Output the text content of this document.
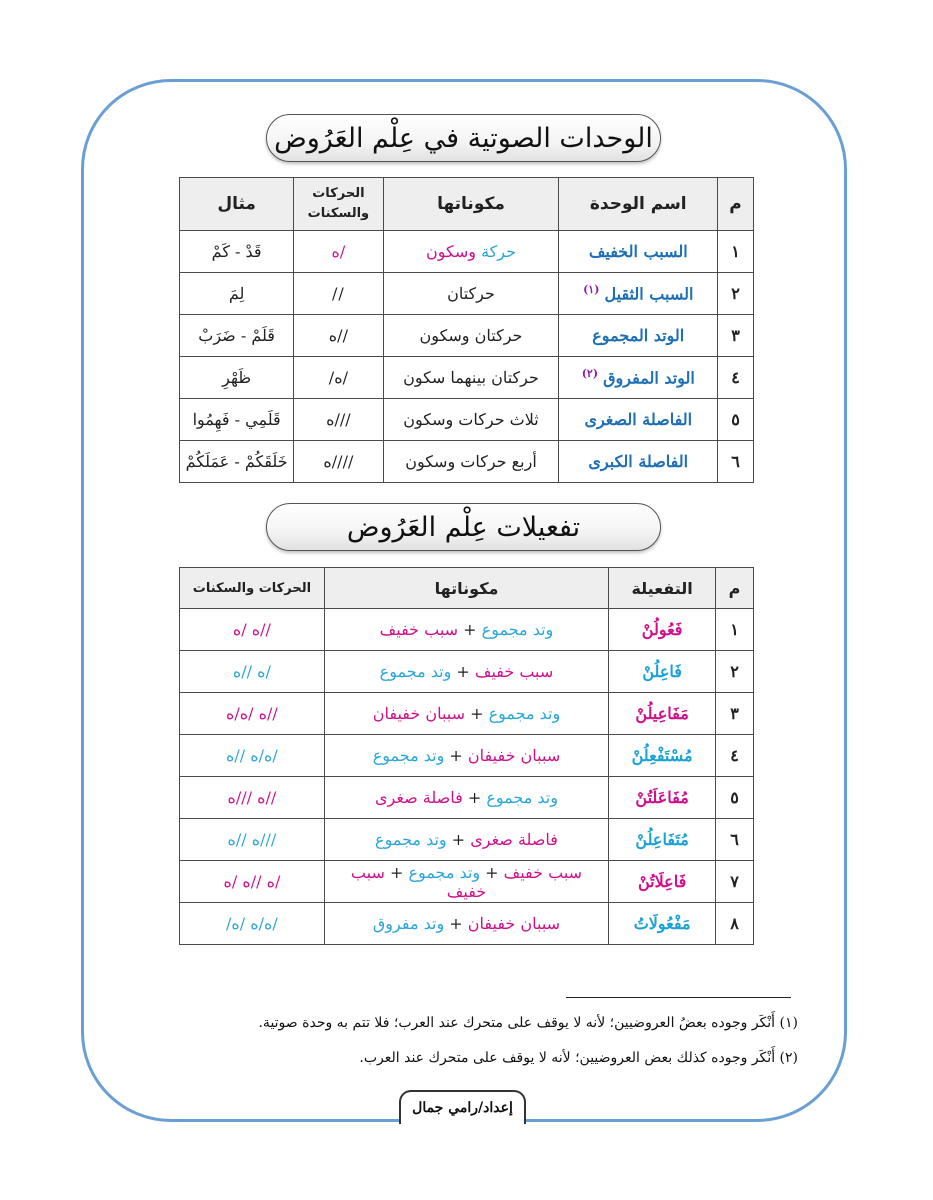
الوحدات الصوتية في عِلْم العَرُوض
م	اسم الوحدة	مكوناتها	الحركات والسكنات	مثال
١	السبب الخفيف	حركة وسكون	/ه	قَدْ - كَمْ
٢	السبب الثقيل $^{(١)}$	حركتان	//	لِمَ
٣	الوتد المجموع	حركتان وسكون	//ه	قَلَمْ - ضَرَبْ
٤	الوتد المفروق $^{(٢)}$	حركتان بينهما سكون	/ه/	ظَهْرِ
٥	الفاصلة الصغرى	ثلاث حركات وسكون	///ه	قَلَمِي - فَهِمُوا
٦	الفاصلة الكبرى	أربع حركات وسكون	////ه	خَلَقَكُمْ - عَمَلَكُمْ
تفعيلات عِلْم العَرُوض
م	التفعيلة	مكوناتها	الحركات والسكنات
١	فَعُولُنْ	وتد مجموع + سبب خفيف	//ه /ه
٢	فَاعِلُنْ	سبب خفيف + وتد مجموع	/ه //ه
٣	مَفَاعِيلُنْ	وتد مجموع + سببان خفيفان	//ه /ه/ه
٤	مُسْتَفْعِلُنْ	سببان خفيفان + وتد مجموع	/ه/ه //ه
٥	مُفَاعَلَتُنْ	وتد مجموع + فاصلة صغرى	//ه ///ه
٦	مُتَفَاعِلُنْ	فاصلة صغرى + وتد مجموع	///ه //ه
٧	فَاعِلَاتُنْ	سبب خفيف + وتد مجموع + سبب خفيف	/ه //ه /ه
٨	مَفْعُولَاتُ	سببان خفيفان + وتد مفروق	/ه/ه /ه/
(١) أَنْكَر وجوده بعضُ العروضيين؛ لأنه لا يوقف على متحرك عند العرب؛ فلا تتم به وحدة صوتية.
(٢) أَنْكَر وجوده كذلك بعض العروضيين؛ لأنه لا يوقف على متحرك عند العرب.
إعداد/رامي جمال
